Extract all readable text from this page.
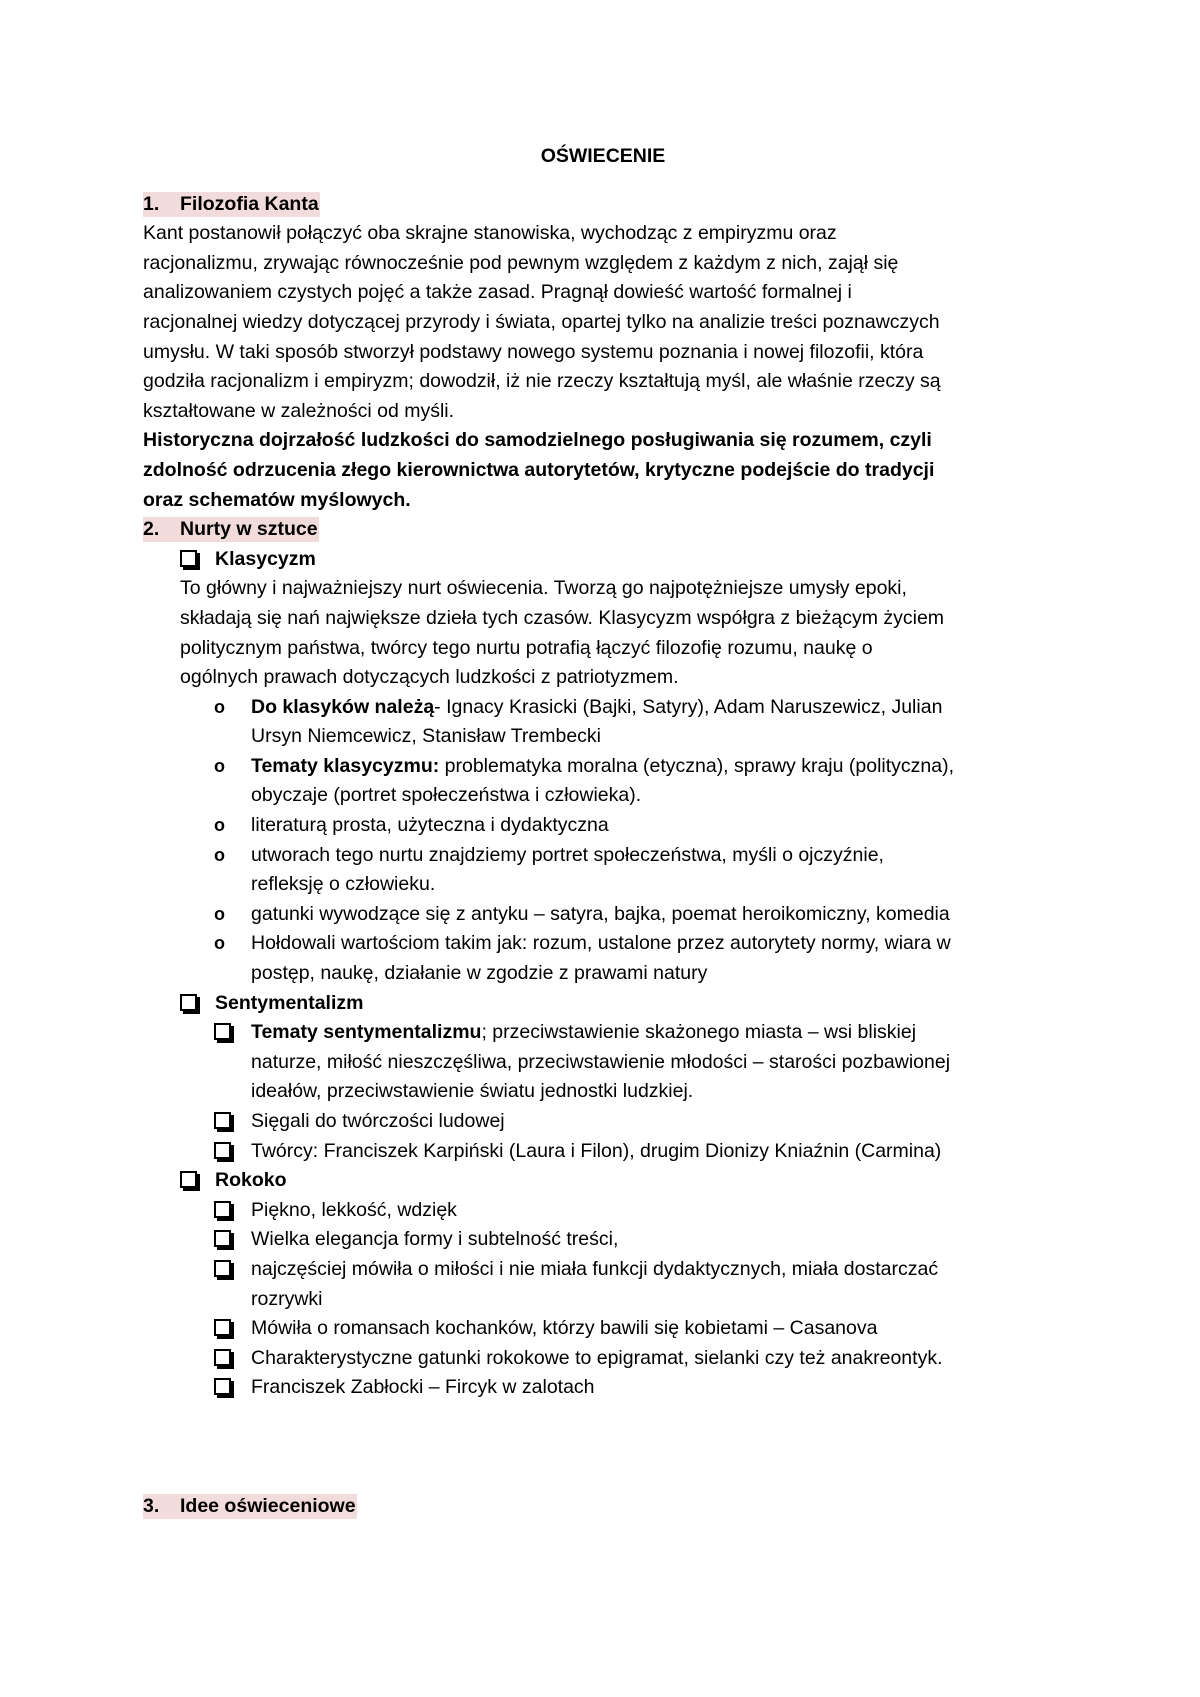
OŚWIECENIE
1. Filozofia Kanta

Kant postanowił połączyć oba skrajne stanowiska, wychodząc z empiryzmu oraz
racjonalizmu, zrywając równocześnie pod pewnym względem z każdym z nich, zajął się
analizowaniem czystych pojęć a także zasad. Pragnął dowieść wartość formalnej i
racjonalnej wiedzy dotyczącej przyrody i świata, opartej tylko na analizie treści poznawczych
umysłu. W taki sposób stworzył podstawy nowego systemu poznania i nowej filozofii, która
godziła racjonalizm i empiryzm; dowodził, iż nie rzeczy kształtują myśl, ale właśnie rzeczy są
kształtowane w zależności od myśli.

Historyczna dojrzałość ludzkości do samodzielnego posługiwania się rozumem, czyli
zdolność odrzucenia złego kierownictwa autorytetów, krytyczne podejście do tradycji
oraz schematów myślowych.

2. Nurty w sztuce
Klasycyzm

To główny i najważniejszy nurt oświecenia. Tworzą go najpotężniejsze umysły epoki,
składają się nań największe dzieła tych czasów. Klasycyzm współgra z bieżącym życiem
politycznym państwa, twórcy tego nurtu potrafią łączyć filozofię rozumu, naukę o
ogólnych prawach dotyczących ludzkości z patriotyzmem.

o	Do klasyków należą- Ignacy Krasicki (Bajki, Satyry), Adam Naruszewicz, Julian
Ursyn Niemcewicz, Stanisław Trembecki
o	Tematy klasycyzmu: problematyka moralna (etyczna), sprawy kraju (polityczna),
obyczaje (portret społeczeństwa i człowieka).
o	literaturą prosta, użyteczna i dydaktyczna
o	utworach tego nurtu znajdziemy portret społeczeństwa, myśli o ojczyźnie,
refleksję o człowieku.
o	gatunki wywodzące się z antyku – satyra, bajka, poemat heroikomiczny, komedia
o	Hołdowali wartościom takim jak: rozum, ustalone przez autorytety normy, wiara w
postęp, naukę, działanie w zgodzie z prawami natury
Sentymentalizm
Tematy sentymentalizmu; przeciwstawienie skażonego miasta – wsi bliskiej
naturze, miłość nieszczęśliwa, przeciwstawienie młodości – starości pozbawionej
ideałów, przeciwstawienie światu jednostki ludzkiej.
Sięgali do twórczości ludowej
Twórcy: Franciszek Karpiński (Laura i Filon), drugim Dionizy Kniaźnin (Carmina)
Rokoko
Piękno, lekkość, wdzięk
Wielka elegancja formy i subtelność treści,
najczęściej mówiła o miłości i nie miała funkcji dydaktycznych, miała dostarczać
rozrywki
Mówiła o romansach kochanków, którzy bawili się kobietami – Casanova
Charakterystyczne gatunki rokokowe to epigramat, sielanki czy też anakreontyk.
Franciszek Zabłocki – Fircyk w zalotach
3. Idee oświeceniowe
